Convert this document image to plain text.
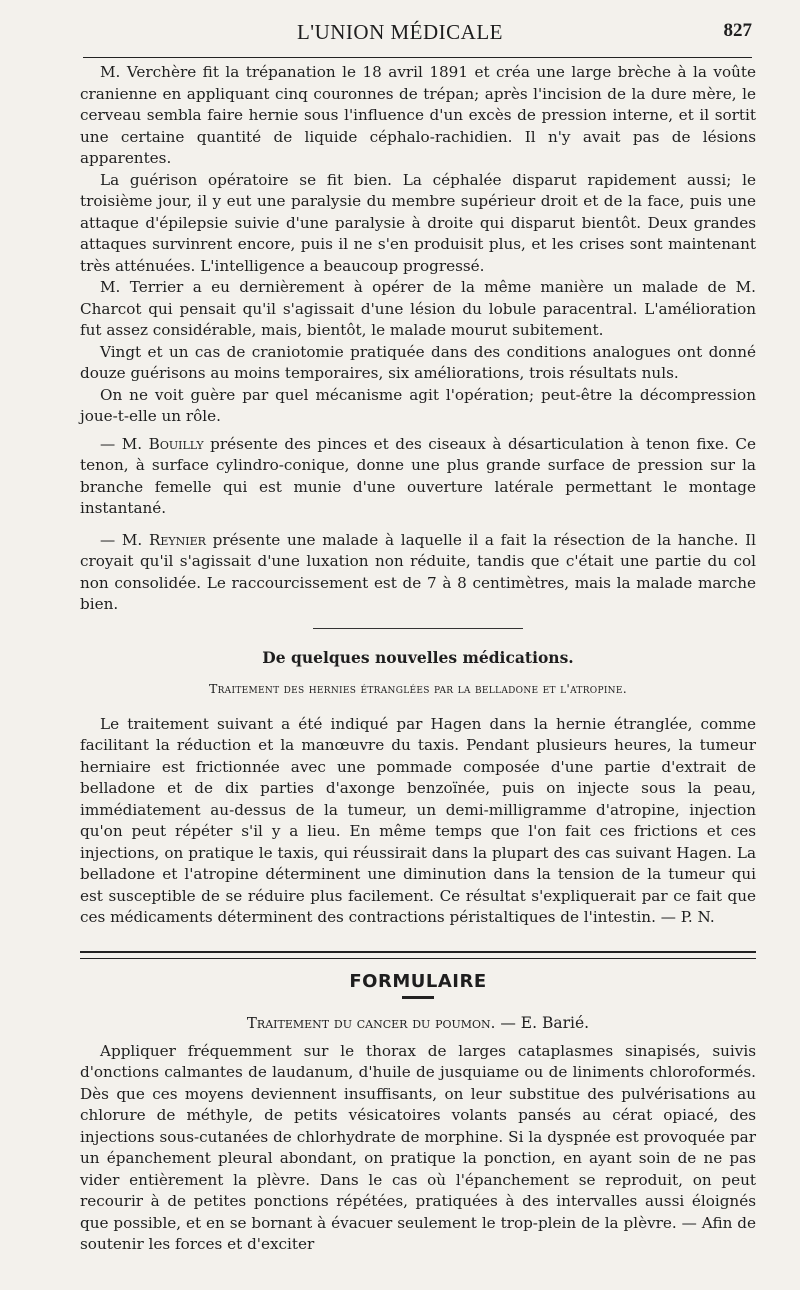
L'UNION MÉDICALE	827

M. Verchère fit la trépanation le 18 avril 1891 et créa une large brèche à la voûte cranienne en appliquant cinq couronnes de trépan; après l'incision de la dure mère, le cerveau sembla faire hernie sous l'influence d'un excès de pression interne, et il sortit une certaine quantité de liquide céphalo-rachidien. Il n'y avait pas de lésions apparentes.

La guérison opératoire se fit bien. La céphalée disparut rapidement aussi; le troisième jour, il y eut une paralysie du membre supérieur droit et de la face, puis une attaque d'épilepsie suivie d'une paralysie à droite qui disparut bientôt. Deux grandes attaques survinrent encore, puis il ne s'en produisit plus, et les crises sont maintenant très atténuées. L'intelligence a beaucoup progressé.

M. Terrier a eu dernièrement à opérer de la même manière un malade de M. Charcot qui pensait qu'il s'agissait d'une lésion du lobule paracentral. L'amélioration fut assez considérable, mais, bientôt, le malade mourut subitement.

Vingt et un cas de craniotomie pratiquée dans des conditions analogues ont donné douze guérisons au moins temporaires, six améliorations, trois résultats nuls.

On ne voit guère par quel mécanisme agit l'opération; peut-être la décompression joue-t-elle un rôle.

— M. Bouilly présente des pinces et des ciseaux à désarticulation à tenon fixe. Ce tenon, à surface cylindro-conique, donne une plus grande surface de pression sur la branche femelle qui est munie d'une ouverture latérale permettant le montage instantané.

— M. Reynier présente une malade à laquelle il a fait la résection de la hanche. Il croyait qu'il s'agissait d'une luxation non réduite, tandis que c'était une partie du col non consolidée. Le raccourcissement est de 7 à 8 centimètres, mais la malade marche bien.

De quelques nouvelles médications.
Traitement des hernies étranglées par la belladone et l'atropine.

Le traitement suivant a été indiqué par Hagen dans la hernie étranglée, comme facilitant la réduction et la manœuvre du taxis. Pendant plusieurs heures, la tumeur herniaire est frictionnée avec une pommade composée d'une partie d'extrait de belladone et de dix parties d'axonge benzoïnée, puis on injecte sous la peau, immédiatement au-dessus de la tumeur, un demi-milligramme d'atropine, injection qu'on peut répéter s'il y a lieu. En même temps que l'on fait ces frictions et ces injections, on pratique le taxis, qui réussirait dans la plupart des cas suivant Hagen. La belladone et l'atropine déterminent une diminution dans la tension de la tumeur qui est susceptible de se réduire plus facilement. Ce résultat s'expliquerait par ce fait que ces médicaments déterminent des contractions péristaltiques de l'intestin. — P. N.

FORMULAIRE
Traitement du cancer du poumon. — E. Barié.

Appliquer fréquemment sur le thorax de larges cataplasmes sinapisés, suivis d'onctions calmantes de laudanum, d'huile de jusquiame ou de liniments chloroformés. Dès que ces moyens deviennent insuffisants, on leur substitue des pulvérisations au chlorure de méthyle, de petits vésicatoires volants pansés au cérat opiacé, des injections sous-cutanées de chlorhydrate de morphine. Si la dyspnée est provoquée par un épanchement pleural abondant, on pratique la ponction, en ayant soin de ne pas vider entièrement la plèvre. Dans le cas où l'épanchement se reproduit, on peut recourir à de petites ponctions répétées, pratiquées à des intervalles aussi éloignés que possible, et en se bornant à évacuer seulement le trop-plein de la plèvre. — Afin de soutenir les forces et d'exciter
